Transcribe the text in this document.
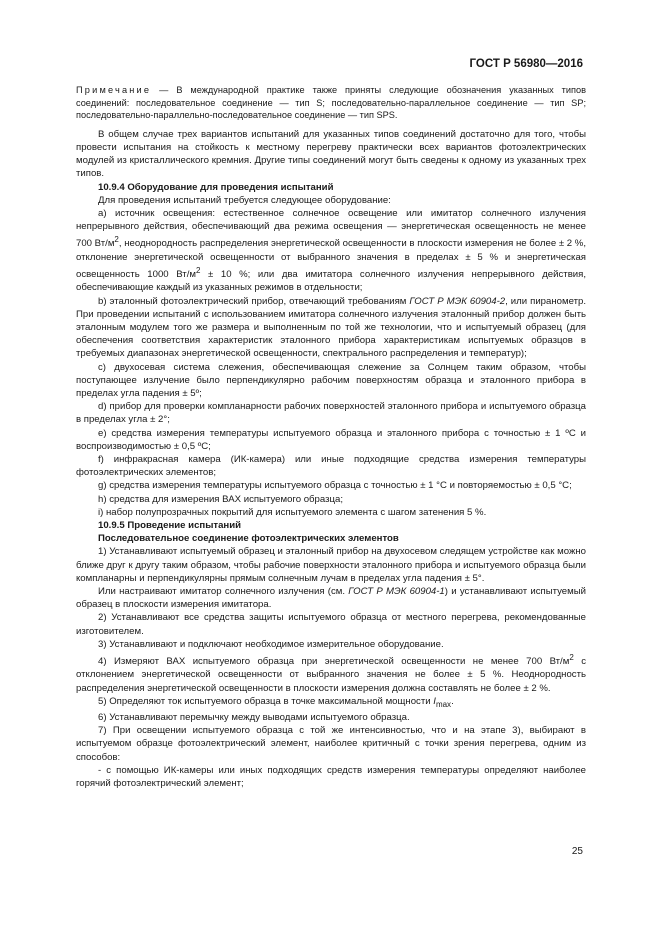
ГОСТ Р 56980—2016

Примечание — В международной практике также приняты следующие обозначения указанных типов соединений: последовательное соединение — тип S; последовательно-параллельное соединение — тип SP; последовательно-параллельно-последовательное соединение — тип SPS.

В общем случае трех вариантов испытаний для указанных типов соединений достаточно для того, чтобы провести испытания на стойкость к местному перегреву практически всех вариантов фотоэлектрических модулей из кристаллического кремния. Другие типы соединений могут быть сведены к одному из указанных трех типов.

10.9.4 Оборудование для проведения испытаний

Для проведения испытаний требуется следующее оборудование:

a) источник освещения: естественное солнечное освещение или имитатор солнечного излучения непрерывного действия, обеспечивающий два режима освещения — энергетическая освещенность не менее 700 $Вт/м^2$, неоднородность распределения энергетической освещенности в плоскости измерения не более ± 2 %, отклонение энергетической освещенности от выбранного значения в пределах ± 5 % и энергетическая освещенность 1000 $Вт/м^2 \pm 10$ %; или два имитатора солнечного излучения непрерывного действия, обеспечивающие каждый из указанных режимов в отдельности;

b) эталонный фотоэлектрический прибор, отвечающий требованиям ГОСТ Р МЭК 60904-2, или пиранометр. При проведении испытаний с использованием имитатора солнечного излучения эталонный прибор должен быть эталонным модулем того же размера и выполненным по той же технологии, что и испытуемый образец (для обеспечения соответствия характеристик эталонного прибора характеристикам испытуемых образцов в требуемых диапазонах энергетической освещенности, спектрального распределения и температур);

c) двухосевая система слежения, обеспечивающая слежение за Солнцем таким образом, чтобы поступающее излучение было перпендикулярно рабочим поверхностям образца и эталонного прибора в пределах угла падения ± 5º;

d) прибор для проверки компланарности рабочих поверхностей эталонного прибора и испытуемого образца в пределах угла ± 2°;

e) средства измерения температуры испытуемого образца и эталонного прибора с точностью ± 1 ºС и воспроизводимостью ± 0,5 ºС;

f) инфракрасная камера (ИК-камера) или иные подходящие средства измерения температуры фотоэлектрических элементов;

g) средства измерения температуры испытуемого образца с точностью ± 1 °С и повторяемостью ± 0,5 °С;

h) средства для измерения ВАХ испытуемого образца;

i) набор полупрозрачных покрытий для испытуемого элемента с шагом затенения 5 %.

10.9.5 Проведение испытаний

Последовательное соединение фотоэлектрических элементов

1) Устанавливают испытуемый образец и эталонный прибор на двухосевом следящем устройстве как можно ближе друг к другу таким образом, чтобы рабочие поверхности эталонного прибора и испытуемого образца были компланарны и перпендикулярны прямым солнечным лучам в пределах угла падения ± 5°.

Или настраивают имитатор солнечного излучения (см. ГОСТ Р МЭК 60904-1) и устанавливают испытуемый образец в плоскости измерения имитатора.

2) Устанавливают все средства защиты испытуемого образца от местного перегрева, рекомендованные изготовителем.

3) Устанавливают и подключают необходимое измерительное оборудование.

4) Измеряют ВАХ испытуемого образца при энергетической освещенности не менее 700 $Вт/м^2$ с отклонением энергетической освещенности от выбранного значения не более ± 5 %. Неоднородность распределения энергетической освещенности в плоскости измерения должна составлять не более ± 2 %.

5) Определяют ток испытуемого образца в точке максимальной мощности $I_{max}$.

6) Устанавливают перемычку между выводами испытуемого образца.

7) При освещении испытуемого образца с той же интенсивностью, что и на этапе 3), выбирают в испытуемом образце фотоэлектрический элемент, наиболее критичный с точки зрения перегрева, одним из способов:

- с помощью ИК-камеры или иных подходящих средств измерения температуры определяют наиболее горячий фотоэлектрический элемент;

25
